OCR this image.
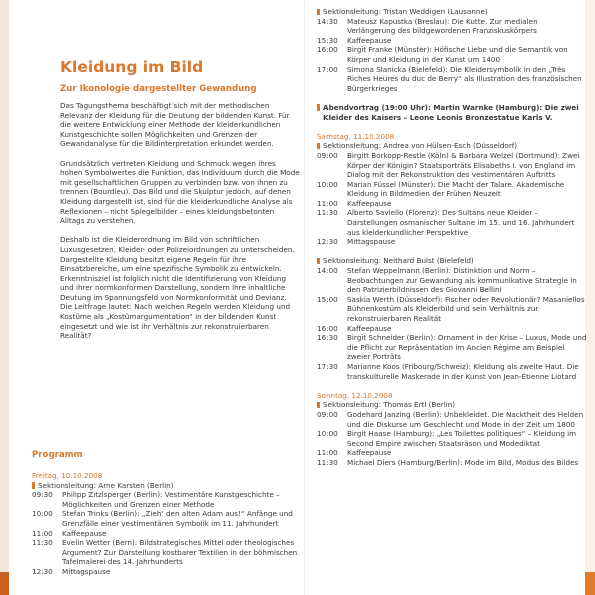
Kleidung im Bild
Zur Ikonologie dargestellter Gewandung

Das Tagungsthema beschäftigt sich mit der methodischen Relevanz der Kleidung für die Deutung der bildenden Kunst. Für die weitere Entwicklung einer Methode der kleiderkundlichen Kunstgeschichte sollen Möglichkeiten und Grenzen der Gewandanalyse für die Bildinterpretation erkundet werden.

Grundsätzlich vertreten Kleidung und Schmuck wegen ihres hohen Symbolwertes die Funktion, das Individuum durch die Mode mit gesellschaftlichen Gruppen zu verbinden bzw. von ihnen zu trennen (Bourdieu). Das Bild und die Skulptur jedoch, auf denen Kleidung dargestellt ist, sind für die kleiderkundliche Analyse als Reflexionen – nicht Spiegelbilder – eines kleidungsbetonten Alltags zu verstehen.

Deshalb ist die Kleiderordnung im Bild von schriftlichen Luxusgesetzen, Kleider- oder Polizeiordnungen zu unterscheiden. Dargestellte Kleidung besitzt eigene Regeln für ihre Einsatzbereiche, um eine spezifische Symbolik zu entwickeln. Erkenntnisziel ist folglich nicht die Identifizierung von Kleidung und ihrer normkonformen Darstellung, sondern ihre inhaltliche Deutung im Spannungsfeld von Normkonformität und Devianz. Die Leitfrage lautet: Nach welchen Regeln werden Kleidung und Kostüme als „Kostümargumentation“ in der bildenden Kunst eingesetzt und wie ist ihr Verhältnis zur rekonstruierbaren Realität?

Programm
Freitag, 10.10.2008
Sektionsleitung: Arne Karsten (Berlin)
09:30	Philipp Zitzlsperger (Berlin): Vestimentäre Kunstgeschichte – Möglichkeiten und Grenzen einer Methode
10:00	Stefan Trinks (Berlin): „Zieh‘ den alten Adam aus!“ Anfänge und Grenzfälle einer vestimentären Symbolik im 11. Jahrhundert
11:00	Kaffeepause
11:30	Evelin Wetter (Bern): Bildstrategisches Mittel oder theologisches Argument? Zur Darstellung kostbarer Textilien in der böhmischen Tafelmalerei des 14. Jahrhunderts
12:30	Mittagspause
Sektionsleitung: Tristan Weddigen (Lausanne)
14:30	Mateusz Kapustka (Breslau): Die Kutte. Zur medialen Verlängerung des bildgewordenen Franziskuskörpers
15:30	Kaffeepause
16:00	Birgit Franke (Münster): Höfische Liebe und die Semantik von Körper und Kleidung in der Kunst um 1400
17:00	Simona Slanicka (Bielefeld): Die Kleidersymbolik in den „Très Riches Heures du duc de Berry“ als Illustration des französischen Bürgerkrieges
Abendvortrag (19:00 Uhr): Martin Warnke (Hamburg): Die zwei Kleider des Kaisers – Leone Leonis Bronzestatue Karls V.
Samstag, 11.10.2008
Sektionsleitung: Andrea von Hülsen-Esch (Düsseldorf)
09:00	Birgitt Borkopp-Restle (Köln) & Barbara Welzel (Dortmund): Zwei Körper der Königin? Staatsporträts Elisabeths I. von England im Dialog mit der Rekonstruktion des vestimentären Auftritts
10:00	Marian Füssel (Münster): Die Macht der Talare. Akademische Kleidung in Bildmedien der Frühen Neuzeit
11:00	Kaffeepause
11:30	Alberto Saviello (Florenz): Des Sultans neue Kleider – Darstellungen osmanischer Sultane im 15. und 16. Jahrhundert aus kleiderkundlicher Perspektive
12:30	Mittagspause
Sektionsleitung: Neithard Bulst (Bielefeld)
14:00	Stefan Weppelmann (Berlin): Distinktion und Norm – Beobachtungen zur Gewandung als kommunikative Strategie in den Patrizierbildnissen des Giovanni Bellini
15:00	Saskia Werth (Düsseldorf): Fischer oder Revolutionär? Masaniellos Bühnenkostüm als Kleiderbild und sein Verhältnis zur rekonstruierbaren Realität
16:00	Kaffeepause
16:30	Birgit Schneider (Berlin): Ornament in der Krise – Luxus, Mode und die Pflicht zur Repräsentation im Ancien Régime am Beispiel zweier Porträts
17:30	Marianne Koos (Fribourg/Schweiz): Kleidung als zweite Haut. Die transkulturelle Maskerade in der Kunst von Jean-Étienne Liotard
Sonntag, 12.10.2008
Sektionsleitung: Thomas Ertl (Berlin)
09:00	Godehard Janzing (Berlin): Unbekleidet. Die Nacktheit des Helden und die Diskurse um Geschlecht und Mode in der Zeit um 1800
10:00	Birgit Haase (Hamburg): „Les Toilettes politiques“ – Kleidung im Second Empire zwischen Staatsräson und Modediktat
11:00	Kaffeepause
11:30	Michael Diers (Hamburg/Berlin): Mode im Bild, Modus des Bildes
